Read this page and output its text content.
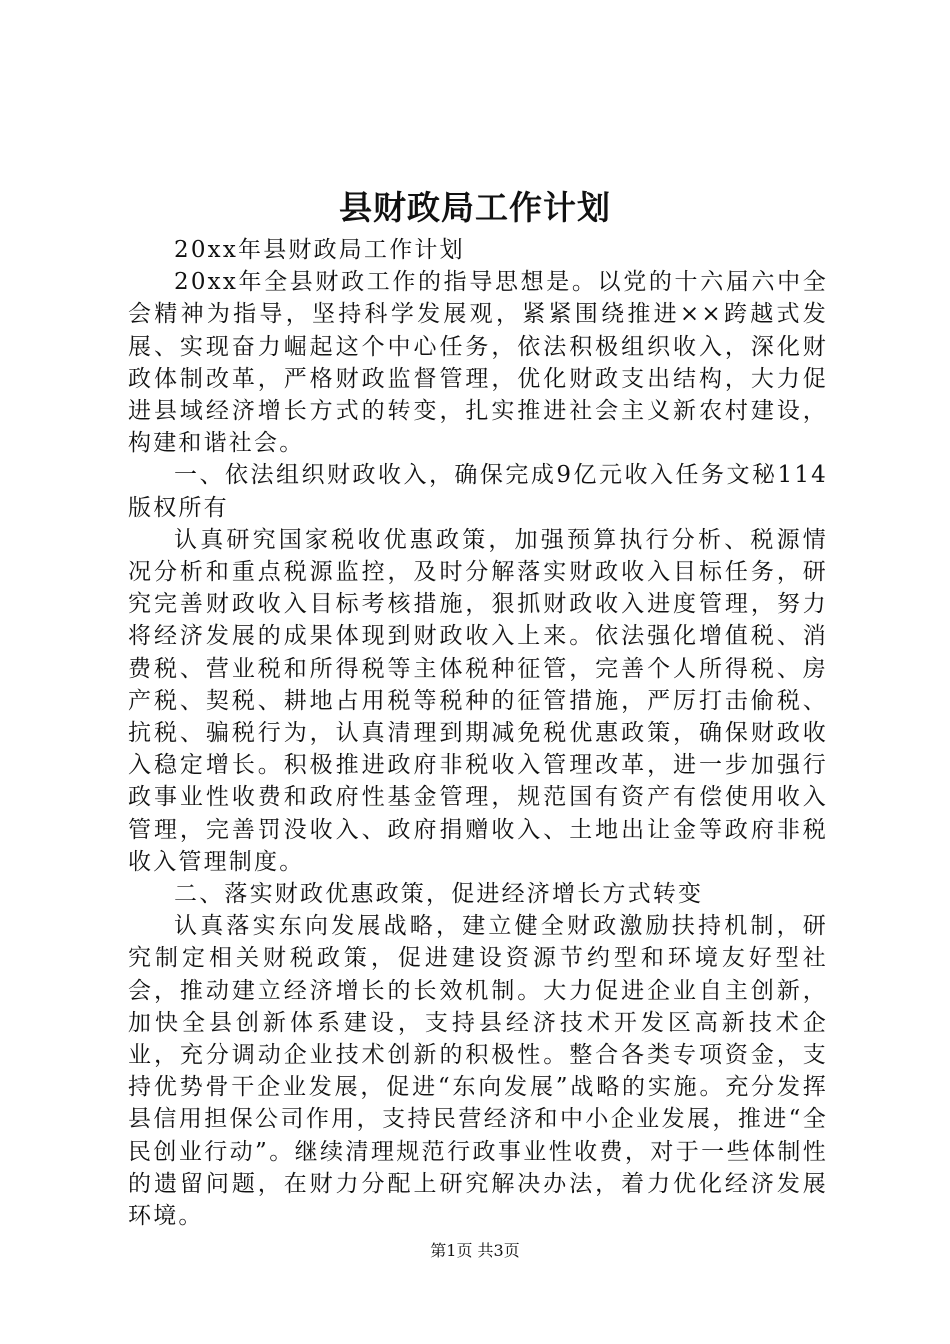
县财政局工作计划

20xx年县财政局工作计划

20xx年全县财政工作的指导思想是。以党的十六届六中全会精神为指导，坚持科学发展观，紧紧围绕推进××跨越式发展、实现奋力崛起这个中心任务，依法积极组织收入，深化财政体制改革，严格财政监督管理，优化财政支出结构，大力促进县域经济增长方式的转变，扎实推进社会主义新农村建设，构建和谐社会。

一、依法组织财政收入，确保完成9亿元收入任务文秘114版权所有

认真研究国家税收优惠政策，加强预算执行分析、税源情况分析和重点税源监控，及时分解落实财政收入目标任务，研究完善财政收入目标考核措施，狠抓财政收入进度管理，努力将经济发展的成果体现到财政收入上来。依法强化增值税、消费税、营业税和所得税等主体税种征管，完善个人所得税、房产税、契税、耕地占用税等税种的征管措施，严厉打击偷税、抗税、骗税行为，认真清理到期减免税优惠政策，确保财政收入稳定增长。积极推进政府非税收入管理改革，进一步加强行政事业性收费和政府性基金管理，规范国有资产有偿使用收入管理，完善罚没收入、政府捐赠收入、土地出让金等政府非税收入管理制度。

二、落实财政优惠政策，促进经济增长方式转变

认真落实东向发展战略，建立健全财政激励扶持机制，研究制定相关财税政策，促进建设资源节约型和环境友好型社会，推动建立经济增长的长效机制。大力促进企业自主创新，加快全县创新体系建设，支持县经济技术开发区高新技术企业，充分调动企业技术创新的积极性。整合各类专项资金，支持优势骨干企业发展，促进“东向发展”战略的实施。充分发挥县信用担保公司作用，支持民营经济和中小企业发展，推进“全民创业行动”。继续清理规范行政事业性收费，对于一些体制性的遗留问题，在财力分配上研究解决办法，着力优化经济发展环境。

第1页 共3页
